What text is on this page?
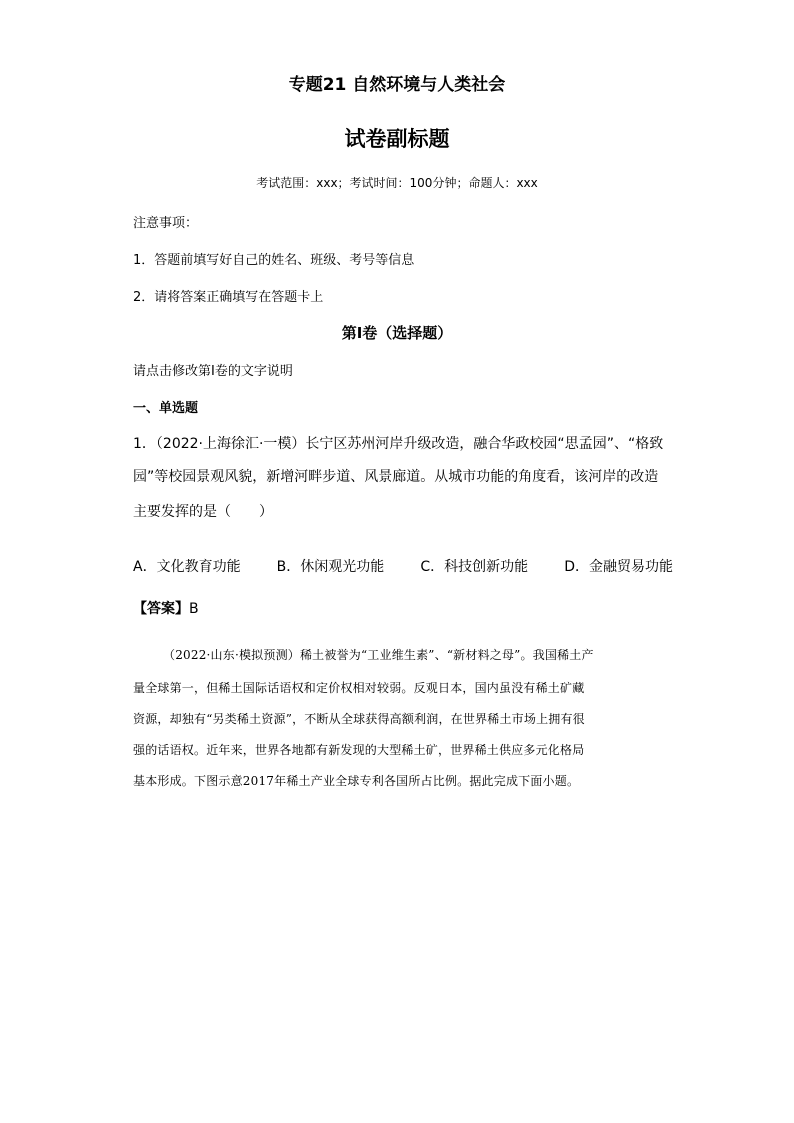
专题21 自然环境与人类社会
试卷副标题
考试范围：xxx；考试时间：100分钟；命题人：xxx
注意事项：
1．答题前填写好自己的姓名、班级、考号等信息
2．请将答案正确填写在答题卡上
第I卷（选择题）
请点击修改第I卷的文字说明
一、单选题
1．（2022·上海徐汇·一模）长宁区苏州河岸升级改造，融合华政校园“思孟园”、“格致
园”等校园景观风貌，新增河畔步道、风景廊道。从城市功能的角度看，该河岸的改造
主要发挥的是（　　）
A．文化教育功能	B．休闲观光功能	C．科技创新功能	D．金融贸易功能
【答案】B
（2022·山东·模拟预测）稀土被誉为“工业维生素”、“新材料之母”。我国稀土产
量全球第一，但稀土国际话语权和定价权相对较弱。反观日本，国内虽没有稀土矿藏
资源，却独有“另类稀土资源”，不断从全球获得高额利润，在世界稀土市场上拥有很
强的话语权。近年来，世界各地都有新发现的大型稀土矿，世界稀土供应多元化格局
基本形成。下图示意2017年稀土产业全球专利各国所占比例。据此完成下面小题。
